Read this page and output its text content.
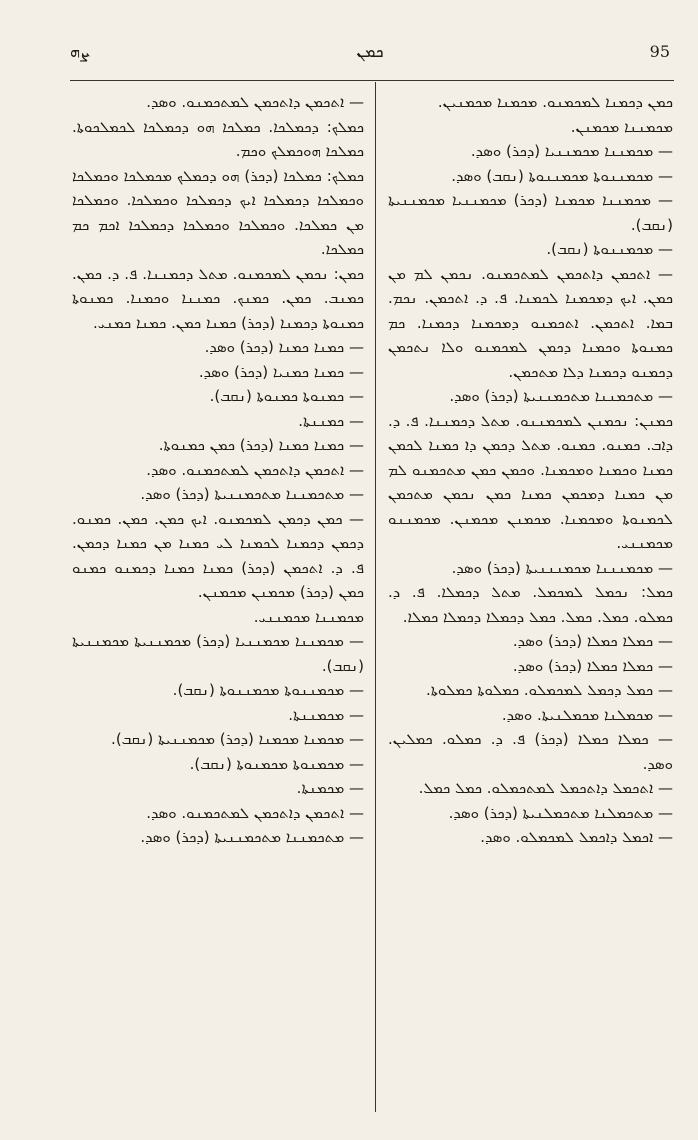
ܨܗ	ܟܡܢ	95
ܟܡܢ ܕܟܡܢܐ ܠܡܟܡܢܘ. ܡܟܡܢܐ ܡܟܡܢܝܢ.
ܡܟܡܢܢܐ ܡܟܡܢܢ.
— ܡܟܡܢܢܐ ܡܟܡܢܢܝܐ (ܕܟܪ) ܘܣܕ.
— ܡܟܡܢܢܘܬܐ ܡܟܡܢܢܘܬܐ (ܢܩܒ) ܘܣܕ.
— ܡܟܡܢܢܐ ܡܟܡܢܐ (ܕܟܪ) ܡܟܡܢܢܝܐ ܡܟܡܢܢܝܬܐ (ܢܩܒ).
— ܡܟܡܢܢܘܬܐ (ܢܩܒ).
— ܐܬܟܡܢ ܕܐܬܟܡܢ ܠܡܬܟܡܢܘ. ܢܟܡܢ ܠܡ ܡܢ ܟܡܢ. ܐܝܟ ܕܡܟܡܢܐ ܠܟܡܢܐ. ܦ. ܕ. ܐܬܟܡܢ. ܢܟܡ. ܒܡܐ. ܐܬܟܡܢ. ܐܬܟܡܢܘ ܕܡܟܡܢܐ ܕܟܡܢܐ. ܟܡ ܟܡܢܘܬܐ ܘܟܡܢܐ ܕܟܡܢ ܠܡܟܡܢܘ ܘܠܐ ܢܬܟܡܢ ܕܟܡܢܘ ܕܟܡܢܐ ܕܠܐ ܡܬܟܡܢ.
— ܡܬܟܡܢܢܐ ܡܬܟܡܢܢܝܬܐ (ܕܟܪ) ܘܣܕ.
ܟܡܢܢ: ܢܟܡܢܢ ܠܡܟܡܢܢܘ. ܡܬܠ ܕܟܡܢܢܐ. ܦ. ܕ. ܕܐܒ. ܟܡܢܘ. ܟܡܢܘ. ܡܬܠ ܕܟܡܢ ܕܐ ܟܡܢܐ ܠܟܡܢ ܟܡܢܐ ܘܟܡܢܐ ܘܡܟܡܢܐ. ܘܟܡܢ ܟܡܢ ܡܬܟܡܢܘ ܠܡ ܡܢ ܟܡܢܐ ܕܡܟܡܢ ܟܡܢܐ ܟܡܢ ܢܟܡܢ ܡܬܟܡܢ ܠܟܡܢܘܬܐ ܘܡܟܡܢܐ. ܡܟܡܢܢ ܡܟܡܢܢ. ܡܟܡܢܢܘ ܡܟܡܢܢܝ.
— ܡܟܡܢܢܢܐ ܡܟܡܢܢܢܝܬܐ (ܕܟܪ) ܘܣܕ.
ܟܡܠ: ܢܟܡܠ ܠܡܟܡܠ. ܡܬܠ ܕܟܡܠܐ. ܦ. ܕ. ܟܡܠܘ. ܟܡܠ. ܟܡܠ. ܟܡܠ ܕܟܡܠܐ ܕܟܡܠܐ ܟܡܠܐ.
— ܟܡܠܐ ܟܡܠܐ (ܕܟܪ) ܘܣܕ.
— ܟܡܠܐ ܟܡܠܐ (ܕܟܪ) ܘܣܕ.
— ܟܡܠ ܕܟܡܠ ܠܡܟܡܠܘ. ܟܡܠܘܬܐ ܟܡܠܘܬܐ.
— ܡܟܡܠܢܐ ܡܟܡܠܢܝܬܐ. ܘܣܕ.
— ܟܡܠܐ ܟܡܠܐ (ܕܟܪ) ܦ. ܕ. ܟܡܠܘ. ܟܡܠܝܢ. ܘܣܕ.
— ܐܬܟܡܠ ܕܐܬܟܡܠ ܠܡܬܟܡܠܘ. ܟܡܠ ܟܡܠ.
— ܡܬܟܡܠܢܐ ܡܬܟܡܠܢܝܬܐ (ܕܟܪ) ܘܣܕ.
— ܐܟܡܠ ܕܐܟܡܠ ܠܡܟܡܠܘ. ܘܣܕ.
— ܐܬܟܡܢ ܕܐܬܟܡܢ ܠܡܬܟܡܢܘ. ܘܣܕ.
ܟܡܠܟ: ܕܟܡܠܟܐ. ܟܡܠܟܐ ܗܘ ܕܟܡܠܟܐ ܠܟܡܠܟܘܬܐ. ܟܡܠܟܐ ܗܘܟܡܠܟ ܘܟܡ.
ܟܡܠܟ: ܟܡܠܟܐ (ܕܟܪ) ܗܘ ܕܟܡܠܟ ܡܟܡܠܟܐ ܘܟܡܠܟܐ ܘܟܡܠܟܐ ܕܟܡܠܟܐ ܐܝܟ ܕܟܡܠܟܐ ܘܟܡܠܟܐ. ܘܟܡܠܟܐ ܡܢ ܟܡܠܟܐ. ܘܟܡܠܟܐ ܘܟܡܠܟܐ ܕܟܡܠܟܐ ܐܟܡ ܟܡ ܟܡܠܟܐ.
ܟܡܢ: ܢܟܡܢ ܠܡܟܡܢܘ. ܡܬܠ ܕܟܡܢܢܐ. ܦ. ܕ. ܟܡܢ. ܟܡܢܒ. ܟܡܢ. ܟܡܢܟ. ܟܡܢܢܐ ܘܟܡܢܐ. ܟܡܢܘܬܐ ܟܡܢܘܬܐ ܕܟܡܢܐ (ܕܟܪ) ܟܡܢܐ ܟܡܢ. ܟܡܢܐ ܟܡܢܝ.
— ܟܡܢܐ ܟܡܢܐ (ܕܟܪ) ܘܣܕ.
— ܟܡܢܐ ܟܡܢܝܐ (ܕܟܪ) ܘܣܕ.
— ܟܡܢܘܬܐ ܟܡܢܘܬܐ (ܢܩܒ).
— ܟܡܢܢܬܐ.
— ܟܡܢܐ ܟܡܢܐ (ܕܟܪ) ܟܡܢ ܟܡܢܘܬܐ.
— ܐܬܟܡܢ ܕܐܬܟܡܢ ܠܡܬܟܡܢܘ. ܘܣܕ.
— ܡܬܟܡܢܢܐ ܡܬܟܡܢܢܝܬܐ (ܕܟܪ) ܘܣܕ.
— ܟܡܢ ܕܟܡܢ ܠܡܟܡܢܘ. ܐܝܟ ܟܡܢ. ܟܡܢ. ܟܡܢܘ. ܕܟܡܢ ܕܟܡܢܐ ܠܟܡܢܐ ܠܝ ܟܡܢܐ ܡܢ ܟܡܢܐ ܕܟܡܢ. ܦ. ܕ. ܐܬܟܡܢ (ܕܟܪ) ܟܡܢܐ ܟܡܢܐ ܕܟܡܢܘ ܟܡܢܘ ܟܡܢ (ܕܟܪ) ܡܟܡܢܢ ܡܟܡܢܢ.
ܡܟܡܢܢܐ ܡܟܡܢܢܝ.
— ܡܟܡܢܢܐ ܡܟܡܢܢܝܐ (ܕܟܪ) ܡܟܡܢܢܝܬܐ ܡܟܡܢܢܝܬܐ (ܢܩܒ).
— ܡܟܡܢܢܘܬܐ ܡܟܡܢܢܘܬܐ (ܢܩܒ).
— ܡܟܡܢܢܬܐ.
— ܡܟܡܢܐ ܡܟܡܢܐ (ܕܟܪ) ܡܟܡܢܢܝܬܐ (ܢܩܒ).
— ܡܟܡܢܘܬܐ ܡܟܡܢܘܬܐ (ܢܩܒ).
— ܡܟܡܢܬܐ.
— ܐܬܟܡܢ ܕܐܬܟܡܢ ܠܡܬܟܡܢܘ. ܘܣܕ.
— ܡܬܟܡܢܢܐ ܡܬܟܡܢܢܝܬܐ (ܕܟܪ) ܘܣܕ.
